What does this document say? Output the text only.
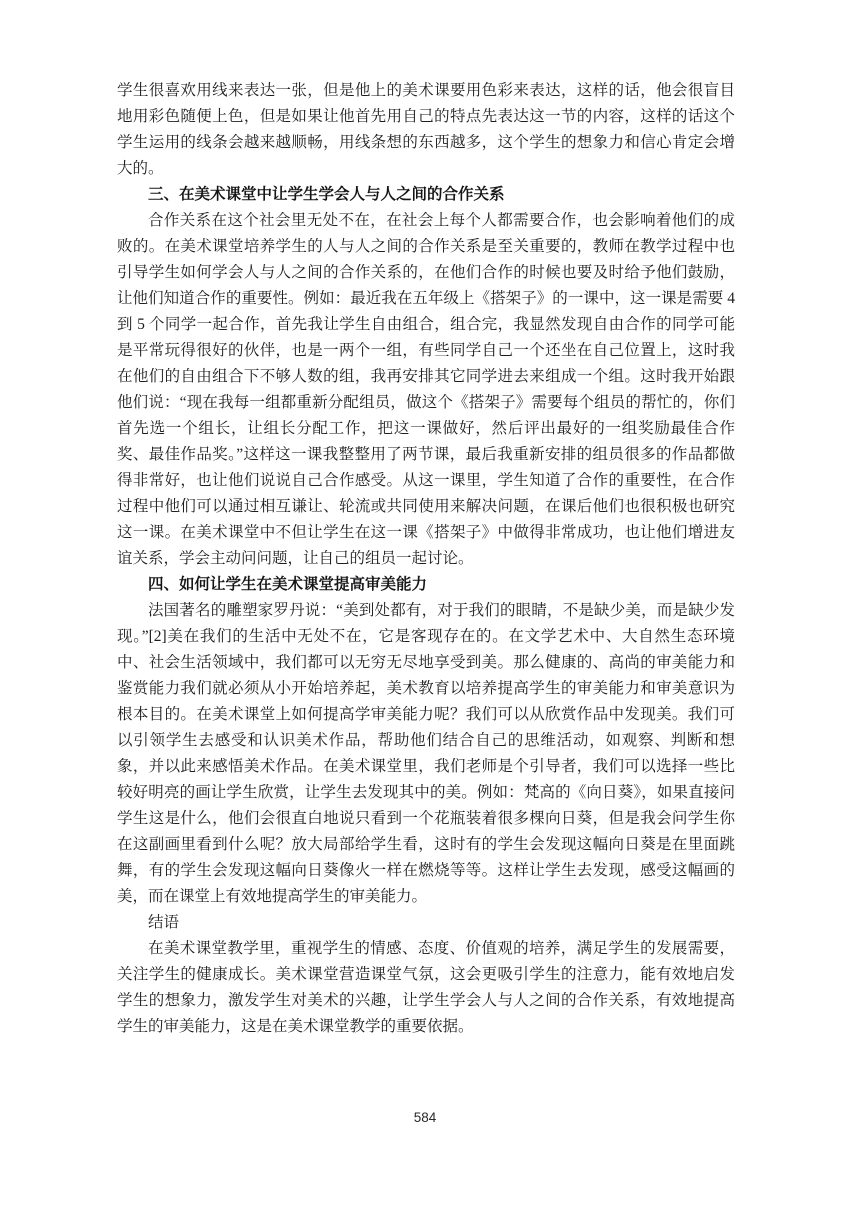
学生很喜欢用线来表达一张，但是他上的美术课要用色彩来表达，这样的话，他会很盲目地用彩色随便上色，但是如果让他首先用自己的特点先表达这一节的内容，这样的话这个学生运用的线条会越来越顺畅，用线条想的东西越多，这个学生的想象力和信心肯定会增大的。

三、在美术课堂中让学生学会人与人之间的合作关系

合作关系在这个社会里无处不在，在社会上每个人都需要合作，也会影响着他们的成败的。在美术课堂培养学生的人与人之间的合作关系是至关重要的，教师在教学过程中也引导学生如何学会人与人之间的合作关系的，在他们合作的时候也要及时给予他们鼓励，让他们知道合作的重要性。例如：最近我在五年级上《搭架子》的一课中，这一课是需要 4 到 5 个同学一起合作，首先我让学生自由组合，组合完，我显然发现自由合作的同学可能是平常玩得很好的伙伴，也是一两个一组，有些同学自己一个还坐在自己位置上，这时我在他们的自由组合下不够人数的组，我再安排其它同学进去来组成一个组。这时我开始跟他们说：“现在我每一组都重新分配组员，做这个《搭架子》需要每个组员的帮忙的，你们首先选一个组长，让组长分配工作，把这一课做好，然后评出最好的一组奖励最佳合作奖、最佳作品奖。”这样这一课我整整用了两节课，最后我重新安排的组员很多的作品都做得非常好，也让他们说说自己合作感受。从这一课里，学生知道了合作的重要性，在合作过程中他们可以通过相互谦让、轮流或共同使用来解决问题，在课后他们也很积极也研究这一课。在美术课堂中不但让学生在这一课《搭架子》中做得非常成功，也让他们增进友谊关系，学会主动问问题，让自己的组员一起讨论。

四、如何让学生在美术课堂提高审美能力

法国著名的雕塑家罗丹说：“美到处都有，对于我们的眼睛，不是缺少美，而是缺少发现。”[2]美在我们的生活中无处不在，它是客现存在的。在文学艺术中、大自然生态环境中、社会生活领域中，我们都可以无穷无尽地享受到美。那么健康的、高尚的审美能力和鉴赏能力我们就必须从小开始培养起，美术教育以培养提高学生的审美能力和审美意识为根本目的。在美术课堂上如何提高学审美能力呢？我们可以从欣赏作品中发现美。我们可以引领学生去感受和认识美术作品，帮助他们结合自己的思维活动，如观察、判断和想象，并以此来感悟美术作品。在美术课堂里，我们老师是个引导者，我们可以选择一些比较好明亮的画让学生欣赏，让学生去发现其中的美。例如：梵高的《向日葵》，如果直接问学生这是什么，他们会很直白地说只看到一个花瓶装着很多棵向日葵，但是我会问学生你在这副画里看到什么呢？放大局部给学生看，这时有的学生会发现这幅向日葵是在里面跳舞，有的学生会发现这幅向日葵像火一样在燃烧等等。这样让学生去发现，感受这幅画的美，而在课堂上有效地提高学生的审美能力。

结语

在美术课堂教学里，重视学生的情感、态度、价值观的培养，满足学生的发展需要，关注学生的健康成长。美术课堂营造课堂气氛，这会更吸引学生的注意力，能有效地启发学生的想象力，激发学生对美术的兴趣，让学生学会人与人之间的合作关系，有效地提高学生的审美能力，这是在美术课堂教学的重要依据。

584
